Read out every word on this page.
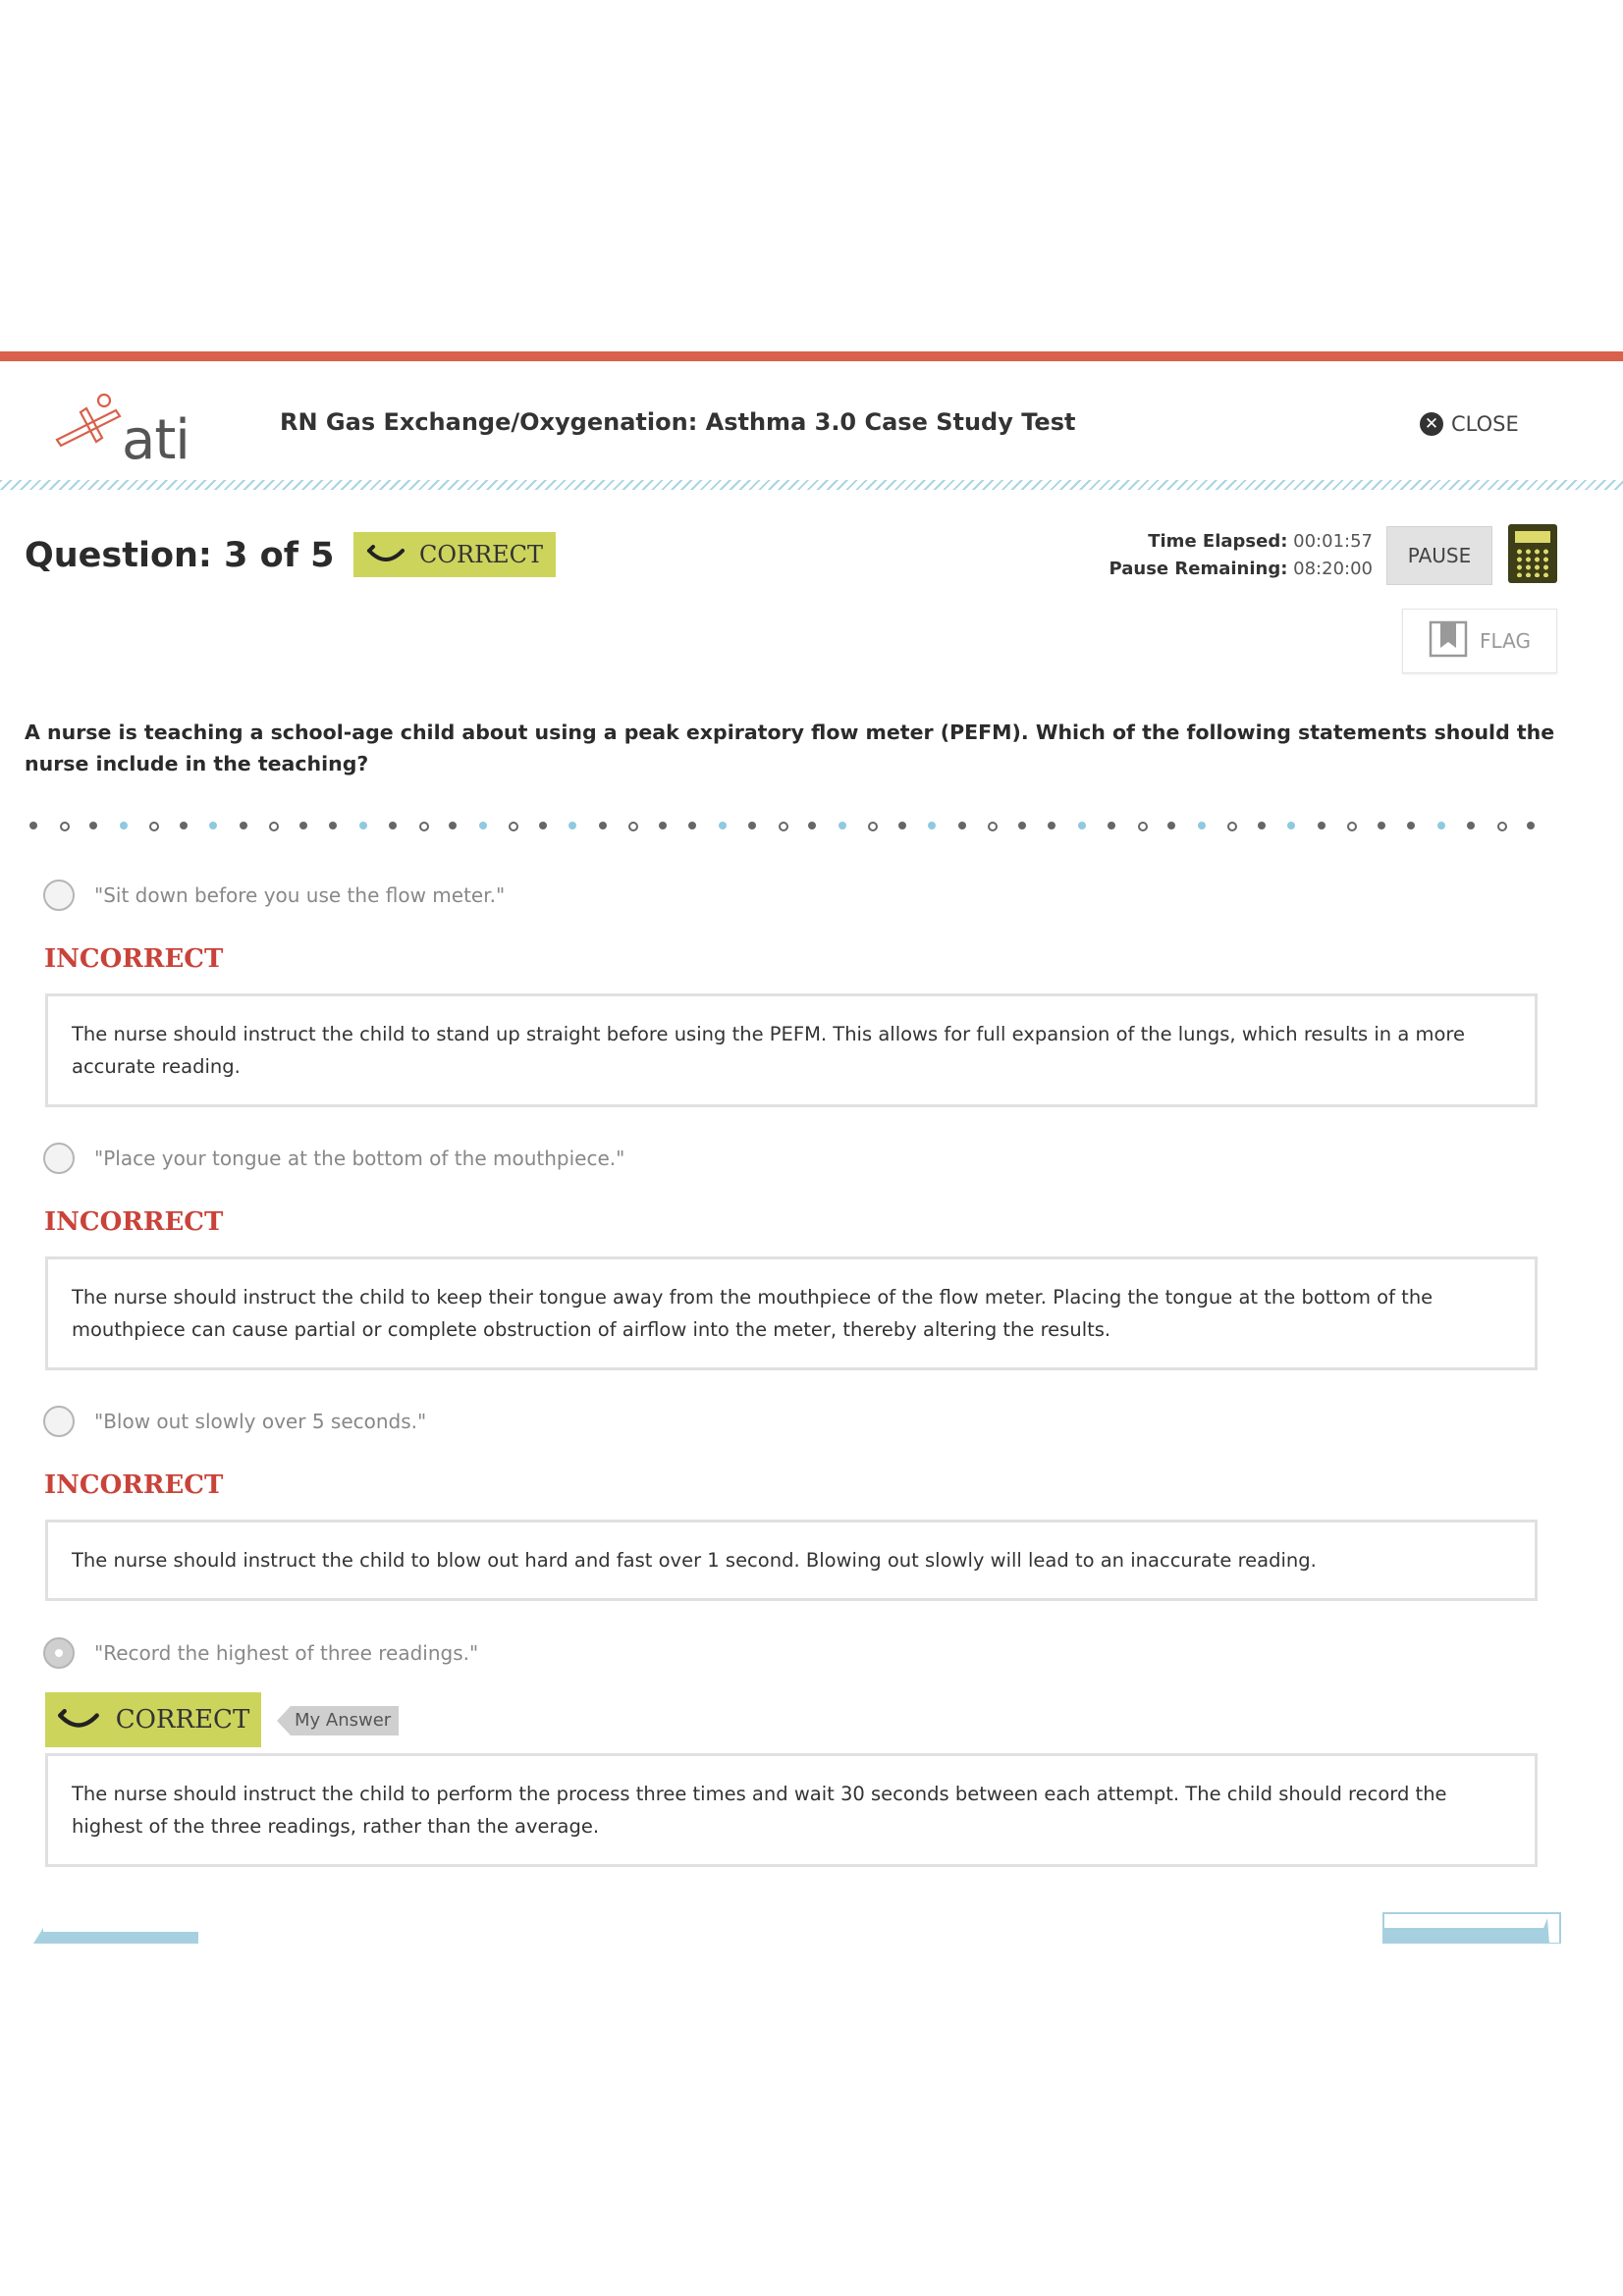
ati	RN Gas Exchange/Oxygenation: Asthma 3.0 Case Study Test	✕ CLOSE
Question: 3 of 5	CORRECT	Time Elapsed: 00:01:57
Pause Remaining: 08:20:00
PAUSE
FLAG
A nurse is teaching a school-age child about using a peak expiratory flow meter (PEFM). Which of the following statements should the nurse include in the teaching?
"Sit down before you use the flow meter."
INCORRECT
The nurse should instruct the child to stand up straight before using the PEFM. This allows for full expansion of the lungs, which results in a more accurate reading.
"Place your tongue at the bottom of the mouthpiece."
INCORRECT
The nurse should instruct the child to keep their tongue away from the mouthpiece of the flow meter. Placing the tongue at the bottom of the mouthpiece can cause partial or complete obstruction of airflow into the meter, thereby altering the results.
"Blow out slowly over 5 seconds."
INCORRECT
The nurse should instruct the child to blow out hard and fast over 1 second. Blowing out slowly will lead to an inaccurate reading.
"Record the highest of three readings."
CORRECT	My Answer
The nurse should instruct the child to perform the process three times and wait 30 seconds between each attempt. The child should record the highest of the three readings, rather than the average.
